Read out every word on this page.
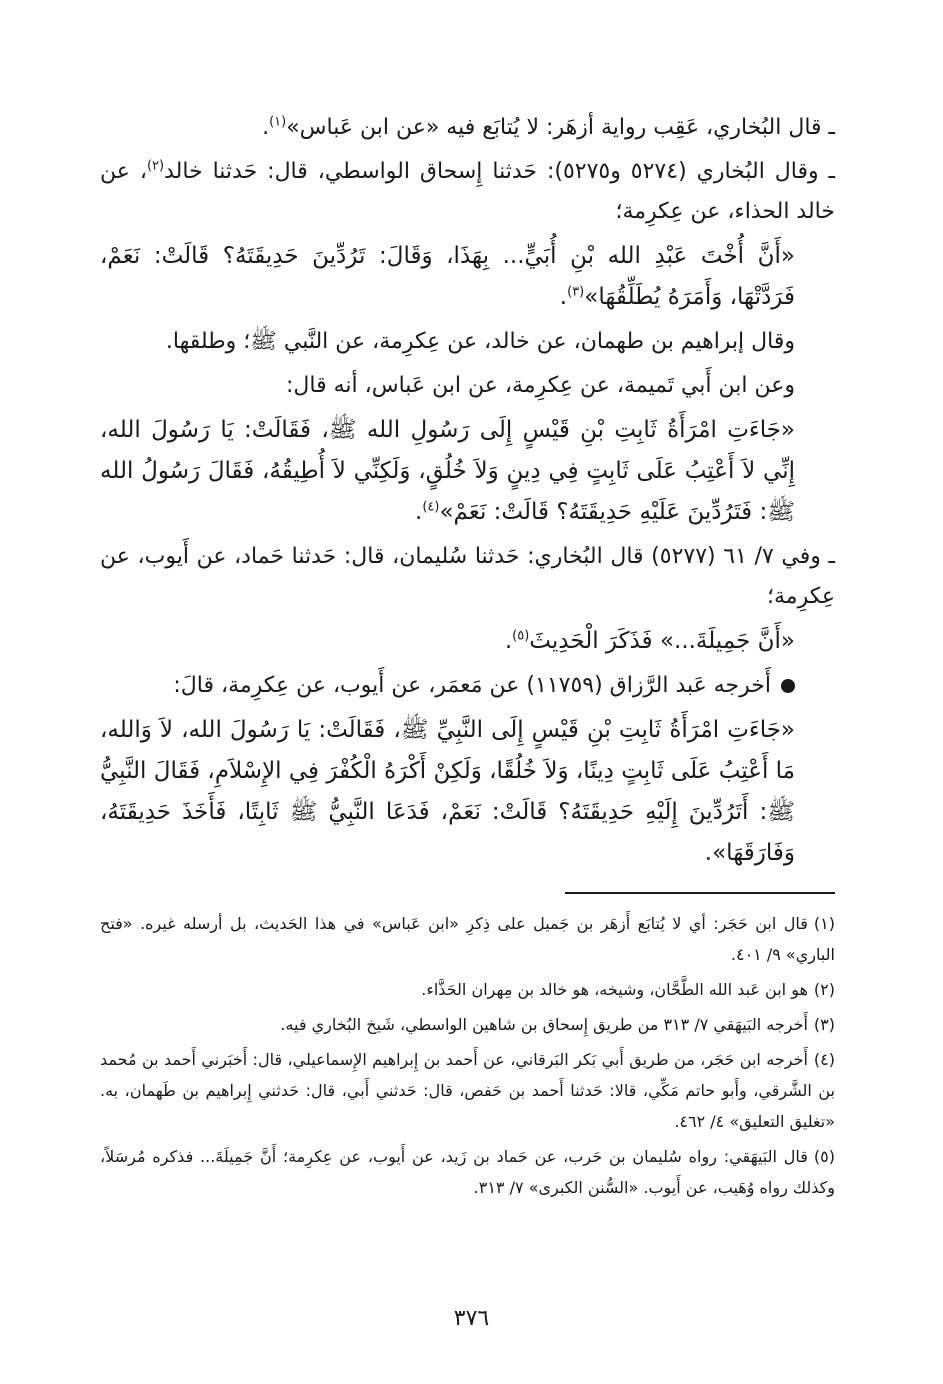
ـ قال البُخاري، عَقِب رواية أزهَر: لا يُتابَع فيه «عن ابن عَباس»$^{(١)}$.

ـ وقال البُخاري (٥٢٧٤ و٥٢٧٥): حَدثنا إِسحاق الواسطي، قال: حَدثنا خالد$^{(٢)}$، عن خالد الحذاء، عن عِكرِمة؛

«أَنَّ أُخْتَ عَبْدِ الله بْنِ أُبَيٍّ... بِهَذَا، وَقَالَ: تَرُدِّينَ حَدِيقَتَهُ؟ قَالَتْ: نَعَمْ، فَرَدَّتْهَا، وَأَمَرَهُ يُطَلِّقُهَا»$^{(٣)}$.

وقال إبراهيم بن طهمان، عن خالد، عن عِكرِمة، عن النَّبي ﷺ؛ وطلقها.

وعن ابن أَبي تَميمة، عن عِكرِمة، عن ابن عَباس، أنه قال:

«جَاءَتِ امْرَأَةُ ثَابِتِ بْنِ قَيْسٍ إِلَى رَسُولِ الله ﷺ، فَقَالَتْ: يَا رَسُولَ الله، إِنِّي لاَ أَعْتِبُ عَلَى ثَابِتٍ فِي دِينٍ وَلاَ خُلُقٍ، وَلَكِنِّي لاَ أُطِيقُهُ، فَقَالَ رَسُولُ الله ﷺ: فَتَرُدِّينَ عَلَيْهِ حَدِيقَتَهُ؟ قَالَتْ: نَعَمْ»$^{(٤)}$.

ـ وفي ٧/ ٦١ (٥٢٧٧) قال البُخاري: حَدثنا سُليمان، قال: حَدثنا حَماد، عن أَيوب، عن عِكرِمة؛

«أَنَّ جَمِيلَةَ...» فَذَكَرَ الْحَدِيثَ$^{(٥)}$.

أَخرجه عَبد الرَّزاق (١١٧٥٩) عن مَعمَر، عن أَيوب، عن عِكرِمة، قالَ:

«جَاءَتِ امْرَأَةُ ثَابِتِ بْنِ قَيْسٍ إِلَى النَّبِيِّ ﷺ، فَقَالَتْ: يَا رَسُولَ الله، لاَ وَالله، مَا أَعْتِبُ عَلَى ثَابِتٍ دِينًا، وَلاَ خُلُقًا، وَلَكِنْ أَكْرَهُ الْكُفْرَ فِي الإِسْلاَمِ، فَقَالَ النَّبِيُّ ﷺ: أَتَرُدِّينَ إِلَيْهِ حَدِيقَتَهُ؟ قَالَتْ: نَعَمْ، فَدَعَا النَّبِيُّ ﷺ ثَابِتًا، فَأَخَذَ حَدِيقَتَهُ، وَفَارَقَهَا».

(١)قال ابن حَجَر: أي لا يُتابَع أَزهَر بن جَميل على ذِكرِ «ابن عَباس» في هذا الحَديث، بل أرسله غيره. «فتح الباري» ٩/ ٤٠١.

(٢)هو ابن عَبد الله الطَّحَّان، وشيخه، هو خالد بن مِهران الحَذَّاء.

(٣)أَخرجه البَيهَقي ٧/ ٣١٣ من طريق إِسحاق بن شاهين الواسطي، شَيخ البُخاري فيه.

(٤)أَخرجه ابن حَجَر، من طريق أَبي بَكر البَرقاني، عن أَحمد بن إِبراهيم الإِسماعيلي، قال: أَخبَرني أَحمد بن مُحمد بن الشَّرقي، وأَبو حاتم مَكِّي، قالا: حَدثنا أَحمد بن حَفص، قال: حَدثني أَبي، قال: حَدثني إِبراهيم بن طَهمان، به. «تغليق التعليق» ٤/ ٤٦٢.

(٥)قال البَيهَقي: رواه سُليمان بن حَرب، عن حَماد بن زَيد، عن أَيوب، عن عِكرِمة؛ أَنَّ جَمِيلَةَ... فذكره مُرسَلاً، وكذلك رواه وُهَيب، عن أَيوب. «السُّنن الكبرى» ٧/ ٣١٣.

٣٧٦
